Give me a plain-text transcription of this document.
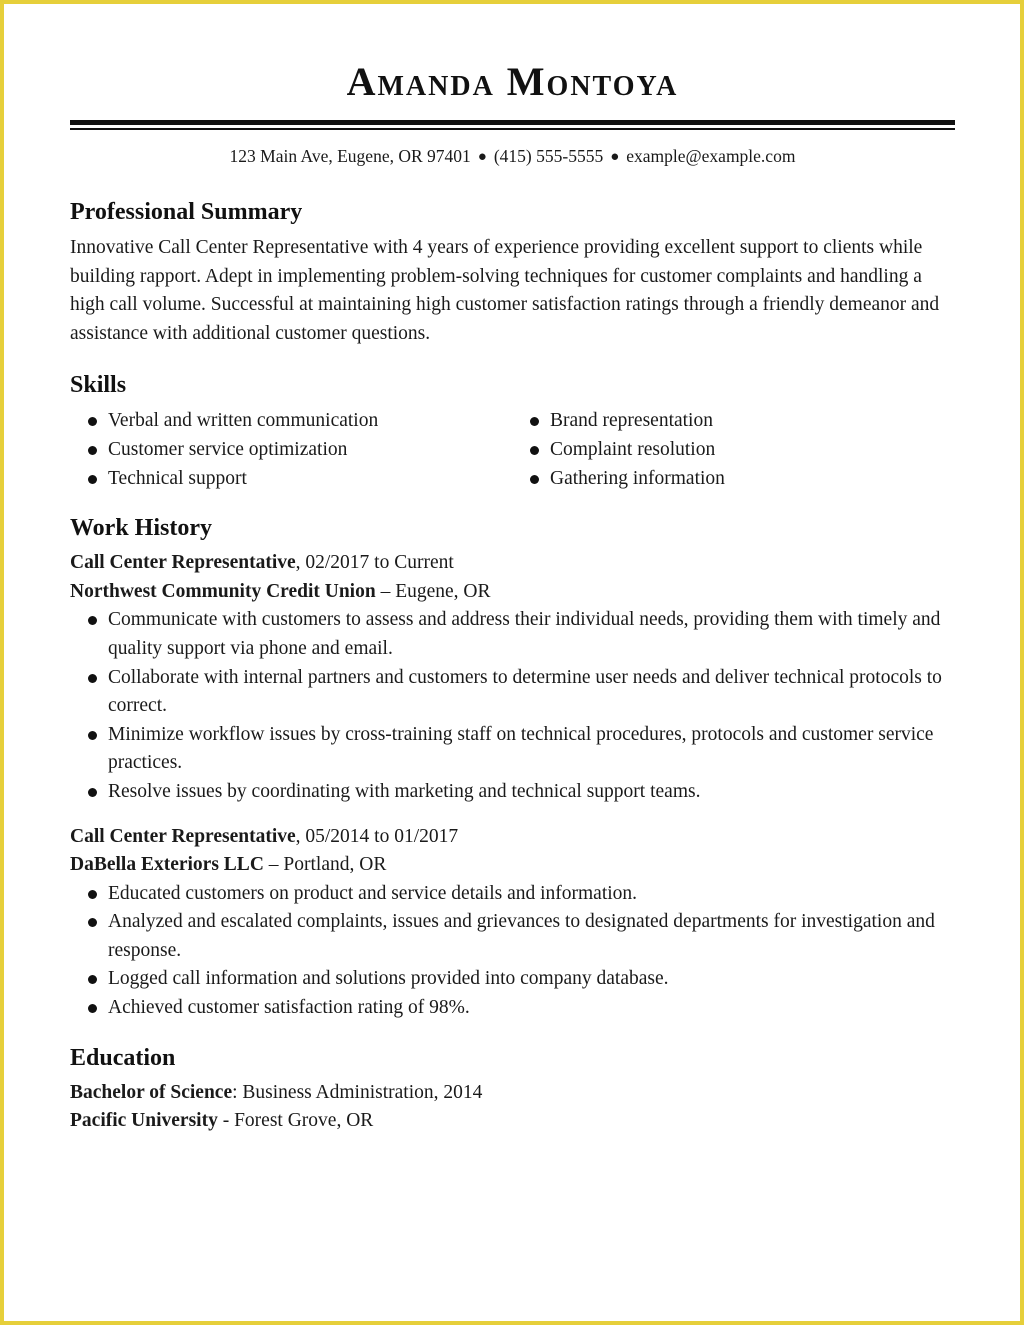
Amanda Montoya
123 Main Ave, Eugene, OR 97401 ● (415) 555-5555 ● example@example.com
Professional Summary

Innovative Call Center Representative with 4 years of experience providing excellent support to clients while building rapport. Adept in implementing problem-solving techniques for customer complaints and handling a high call volume. Successful at maintaining high customer satisfaction ratings through a friendly demeanor and assistance with additional customer questions.

Skills
Verbal and written communication
Customer service optimization
Technical support
Brand representation
Complaint resolution
Gathering information
Work History

Call Center Representative, 02/2017 to Current

Northwest Community Credit Union – Eugene, OR

Communicate with customers to assess and address their individual needs, providing them with timely and quality support via phone and email.
Collaborate with internal partners and customers to determine user needs and deliver technical protocols to correct.
Minimize workflow issues by cross-training staff on technical procedures, protocols and customer service practices.
Resolve issues by coordinating with marketing and technical support teams.

Call Center Representative, 05/2014 to 01/2017

DaBella Exteriors LLC – Portland, OR

Educated customers on product and service details and information.
Analyzed and escalated complaints, issues and grievances to designated departments for investigation and response.
Logged call information and solutions provided into company database.
Achieved customer satisfaction rating of 98%.
Education

Bachelor of Science: Business Administration, 2014

Pacific University - Forest Grove, OR
